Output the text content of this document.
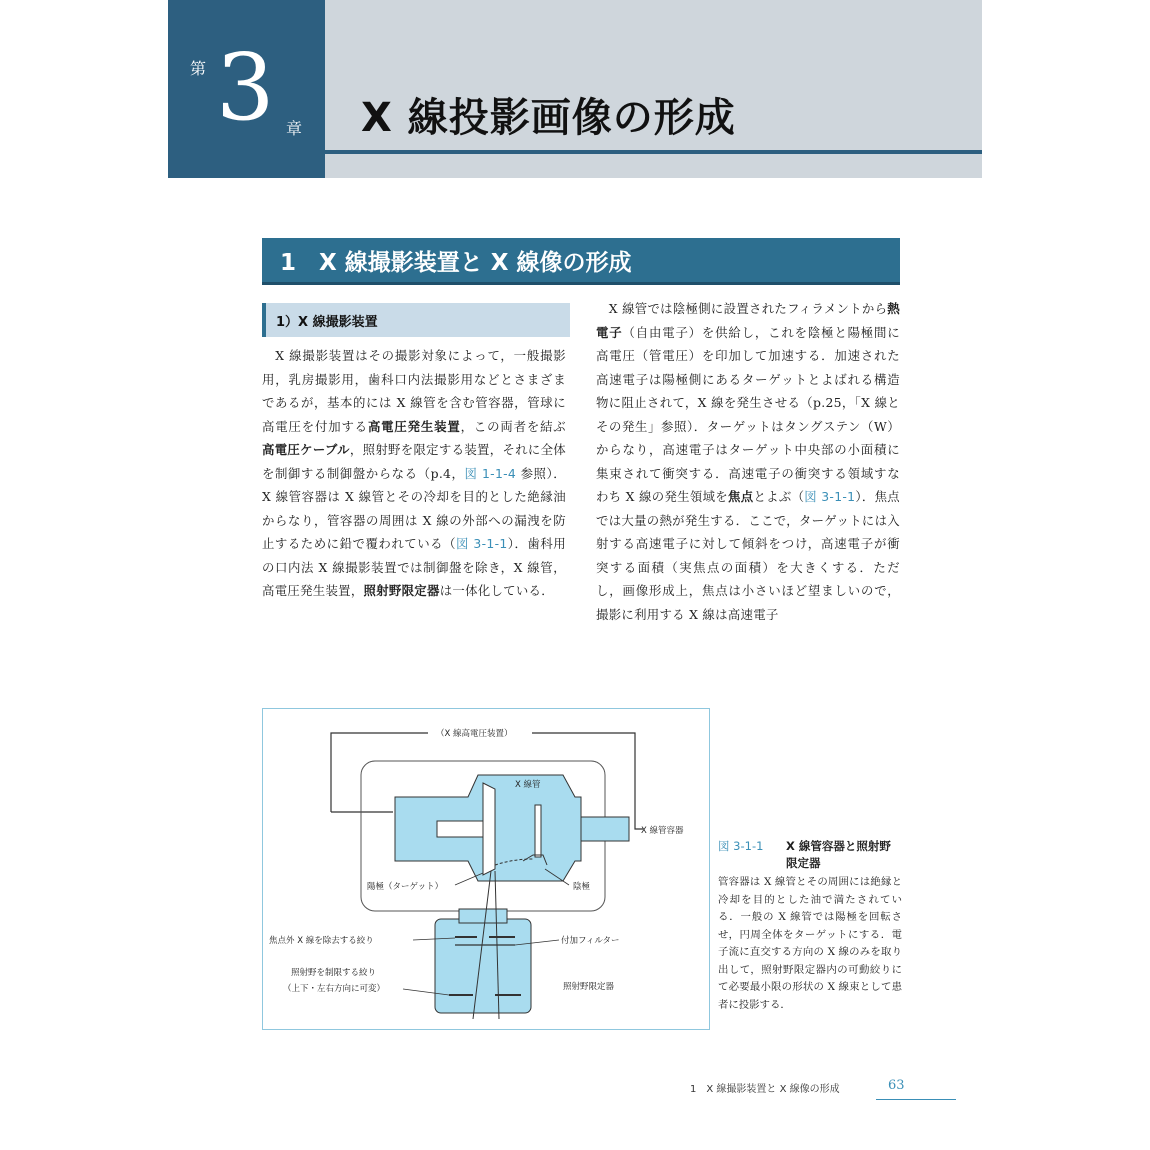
第 3 章 X 線投影画像の形成
1　X 線撮影装置と X 線像の形成
1）X 線撮影装置
　X 線撮影装置はその撮影対象によって，一般撮影用，乳房撮影用，歯科口内法撮影用などとさまざまであるが，基本的には X 線管を含む管容器，管球に高電圧を付加する高電圧発生装置，この両者を結ぶ高電圧ケーブル，照射野を限定する装置，それに全体を制御する制御盤からなる（p.4，図 1-1-4 参照）．X 線管容器は X 線管とその冷却を目的とした絶縁油からなり，管容器の周囲は X 線の外部への漏洩を防止するために鉛で覆われている（図 3-1-1）．歯科用の口内法 X 線撮影装置では制御盤を除き，X 線管，高電圧発生装置，照射野限定器は一体化している．
　X 線管では陰極側に設置されたフィラメントから熱電子（自由電子）を供給し，これを陰極と陽極間に高電圧（管電圧）を印加して加速する．加速された高速電子は陽極側にあるターゲットとよばれる構造物に阻止されて，X 線を発生させる（p.25，「X 線とその発生」参照）．ターゲットはタングステン（W）からなり，高速電子はターゲット中央部の小面積に集束されて衝突する．高速電子の衝突する領域すなわち X 線の発生領域を焦点とよぶ（図 3-1-1）．焦点では大量の熱が発生する．ここで，ターゲットには入射する高速電子に対して傾斜をつけ，高速電子が衝突する面積（実焦点の面積）を大きくする．ただし，画像形成上，焦点は小さいほど望ましいので，撮影に利用する X 線は高速電子
（X 線高電圧装置）
X 線管
X 線管容器
陽極（ターゲット）	陰極
焦点外 X 線を除去する絞り	付加フィルター
照射野を制限する絞り
（上下・左右方向に可変）	照射野限定器
図 3-1-1 X 線管容器と照射野限定器
管容器は X 線管とその周囲には絶縁と冷却を目的とした油で満たされている．一般の X 線管では陽極を回転させ，円周全体をターゲットにする．電子流に直交する方向の X 線のみを取り出して，照射野限定器内の可動絞りにて必要最小限の形状の X 線束として患者に投影する．
1　X 線撮影装置と X 線像の形成	63
